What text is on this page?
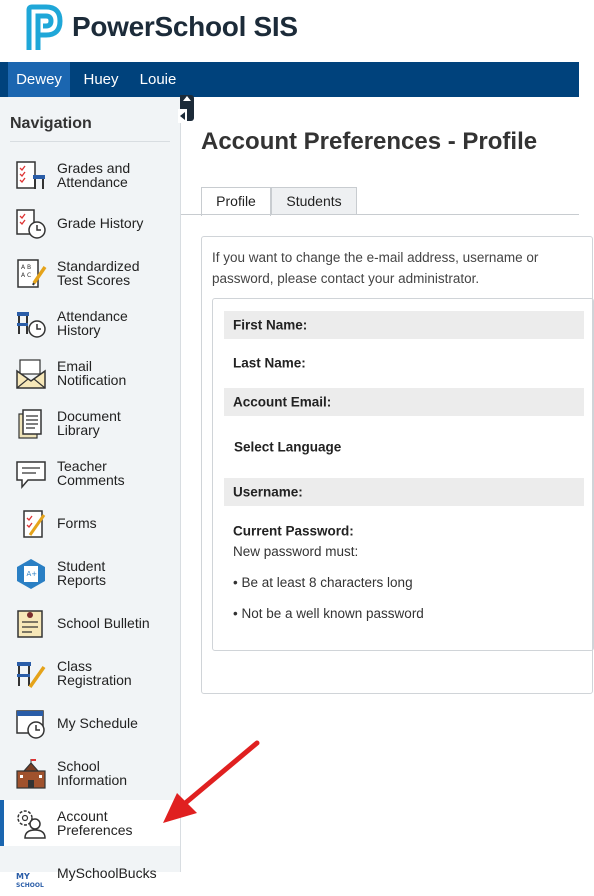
PowerSchool SIS
Dewey	Huey	Louie
Navigation
Grades and
Attendance
Grade History
A B
A C
Standardized
Test Scores
Attendance
History
Email
Notification
Document
Library
Teacher
Comments
Forms
A+ Student
Reports
School Bulletin
Class
Registration
My Schedule
School
Information
Account
Preferences
MY
SCHOOL
MySchoolBucks
Account Preferences - Profile
Profile	Students
If you want to change the e-mail address, username or password, please contact your administrator.
First Name:
Last Name:
Account Email:
Select Language
Username:
Current Password:
New password must:
• Be at least 8 characters long
• Not be a well known password
